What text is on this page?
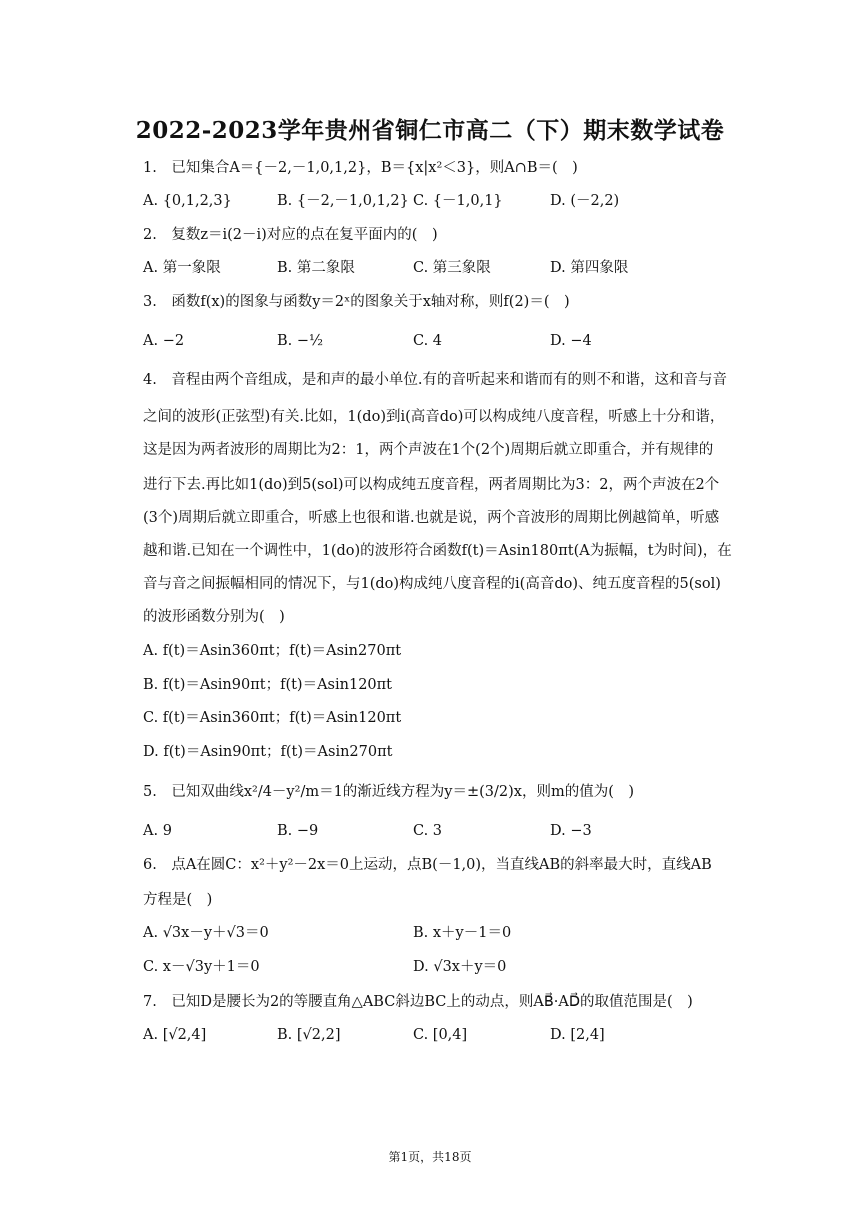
2022-2023学年贵州省铜仁市高二（下）期末数学试卷
1.　已知集合A＝{－2,－1,0,1,2}，B＝{x|x²＜3}，则A∩B＝(　)
A. {0,1,2,3}	B. {－2,－1,0,1,2} C. {－1,0,1}	D. (－2,2)
2.　复数z＝i(2－i)对应的点在复平面内的(　)
A. 第一象限	B. 第二象限	C. 第三象限	D. 第四象限
3.　函数f(x)的图象与函数y＝2ˣ的图象关于x轴对称，则f(2)＝(　)
A. −2	B. −½	C. 4	D. −4
4.　音程由两个音组成，是和声的最小单位.有的音听起来和谐而有的则不和谐，这和音与音
之间的波形(正弦型)有关.比如，1(do)到i(高音do)可以构成纯八度音程，听感上十分和谐，
这是因为两者波形的周期比为2：1，两个声波在1个(2个)周期后就立即重合，并有规律的
进行下去.再比如1(do)到5(sol)可以构成纯五度音程，两者周期比为3：2，两个声波在2个
(3个)周期后就立即重合，听感上也很和谐.也就是说，两个音波形的周期比例越简单，听感
越和谐.已知在一个调性中，1(do)的波形符合函数f(t)＝Asin180πt(A为振幅，t为时间)，在
音与音之间振幅相同的情况下，与1(do)构成纯八度音程的i(高音do)、纯五度音程的5(sol)
的波形函数分别为(　)
A. f(t)＝Asin360πt；f(t)＝Asin270πt
B. f(t)＝Asin90πt；f(t)＝Asin120πt
C. f(t)＝Asin360πt；f(t)＝Asin120πt
D. f(t)＝Asin90πt；f(t)＝Asin270πt
5.　已知双曲线x²/4－y²/m＝1的渐近线方程为y＝±(3/2)x，则m的值为(　)
A. 9	B. −9	C. 3	D. −3
6.　点A在圆C：x²＋y²－2x＝0上运动，点B(－1,0)，当直线AB的斜率最大时，直线AB
方程是(　)
A. √3x－y＋√3＝0	B. x＋y－1＝0
C. x－√3y＋1＝0	D. √3x＋y＝0
7.　已知D是腰长为2的等腰直角△ABC斜边BC上的动点，则AB⃗·AD⃗的取值范围是(　)
A. [√2,4]	B. [√2,2]	C. [0,4]	D. [2,4]
第1页，共18页
